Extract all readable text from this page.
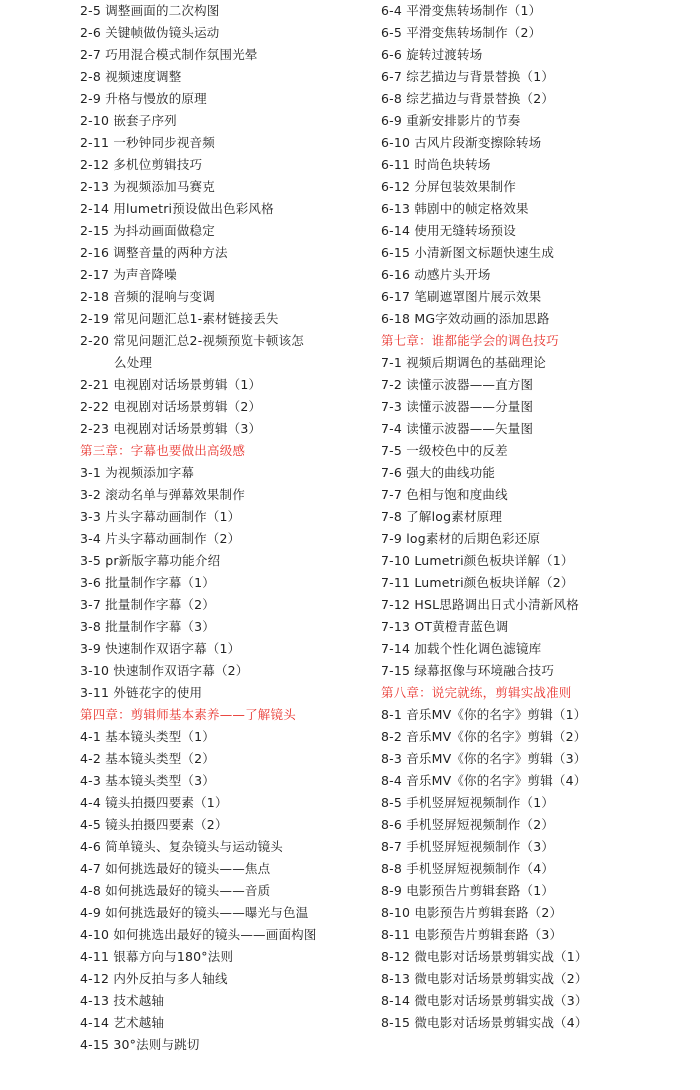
2-5 调整画面的二次构图
2-6 关键帧做伪镜头运动
2-7 巧用混合模式制作氛围光晕
2-8 视频速度调整
2-9 升格与慢放的原理
2-10 嵌套子序列
2-11 一秒钟同步视音频
2-12 多机位剪辑技巧
2-13 为视频添加马赛克
2-14 用lumetri预设做出色彩风格
2-15 为抖动画面做稳定
2-16 调整音量的两种方法
2-17 为声音降噪
2-18 音频的混响与变调
2-19 常见问题汇总1-素材链接丢失
2-20 常见问题汇总2-视频预览卡顿该怎
么处理
2-21 电视剧对话场景剪辑（1）
2-22 电视剧对话场景剪辑（2）
2-23 电视剧对话场景剪辑（3）
第三章：字幕也要做出高级感
3-1 为视频添加字幕
3-2 滚动名单与弹幕效果制作
3-3 片头字幕动画制作（1）
3-4 片头字幕动画制作（2）
3-5 pr新版字幕功能介绍
3-6 批量制作字幕（1）
3-7 批量制作字幕（2）
3-8 批量制作字幕（3）
3-9 快速制作双语字幕（1）
3-10 快速制作双语字幕（2）
3-11 外链花字的使用
第四章：剪辑师基本素养——了解镜头
4-1 基本镜头类型（1）
4-2 基本镜头类型（2）
4-3 基本镜头类型（3）
4-4 镜头拍摄四要素（1）
4-5 镜头拍摄四要素（2）
4-6 简单镜头、复杂镜头与运动镜头
4-7 如何挑选最好的镜头——焦点
4-8 如何挑选最好的镜头——音质
4-9 如何挑选最好的镜头——曝光与色温
4-10 如何挑选出最好的镜头——画面构图
4-11 银幕方向与180°法则
4-12 内外反拍与多人轴线
4-13 技术越轴
4-14 艺术越轴
4-15 30°法则与跳切
6-4 平滑变焦转场制作（1）
6-5 平滑变焦转场制作（2）
6-6 旋转过渡转场
6-7 综艺描边与背景替换（1）
6-8 综艺描边与背景替换（2）
6-9 重新安排影片的节奏
6-10 古风片段渐变擦除转场
6-11 时尚色块转场
6-12 分屏包装效果制作
6-13 韩剧中的帧定格效果
6-14 使用无缝转场预设
6-15 小清新图文标题快速生成
6-16 动感片头开场
6-17 笔刷遮罩图片展示效果
6-18 MG字效动画的添加思路
第七章：谁都能学会的调色技巧
7-1 视频后期调色的基础理论
7-2 读懂示波器——直方图
7-3 读懂示波器——分量图
7-4 读懂示波器——矢量图
7-5 一级校色中的反差
7-6 强大的曲线功能
7-7 色相与饱和度曲线
7-8 了解log素材原理
7-9 log素材的后期色彩还原
7-10 Lumetri颜色板块详解（1）
7-11 Lumetri颜色板块详解（2）
7-12 HSL思路调出日式小清新风格
7-13 OT黄橙青蓝色调
7-14 加载个性化调色滤镜库
7-15 绿幕抠像与环境融合技巧
第八章：说完就练，剪辑实战准则
8-1 音乐MV《你的名字》剪辑（1）
8-2 音乐MV《你的名字》剪辑（2）
8-3 音乐MV《你的名字》剪辑（3）
8-4 音乐MV《你的名字》剪辑（4）
8-5 手机竖屏短视频制作（1）
8-6 手机竖屏短视频制作（2）
8-7 手机竖屏短视频制作（3）
8-8 手机竖屏短视频制作（4）
8-9 电影预告片剪辑套路（1）
8-10 电影预告片剪辑套路（2）
8-11 电影预告片剪辑套路（3）
8-12 微电影对话场景剪辑实战（1）
8-13 微电影对话场景剪辑实战（2）
8-14 微电影对话场景剪辑实战（3）
8-15 微电影对话场景剪辑实战（4）
